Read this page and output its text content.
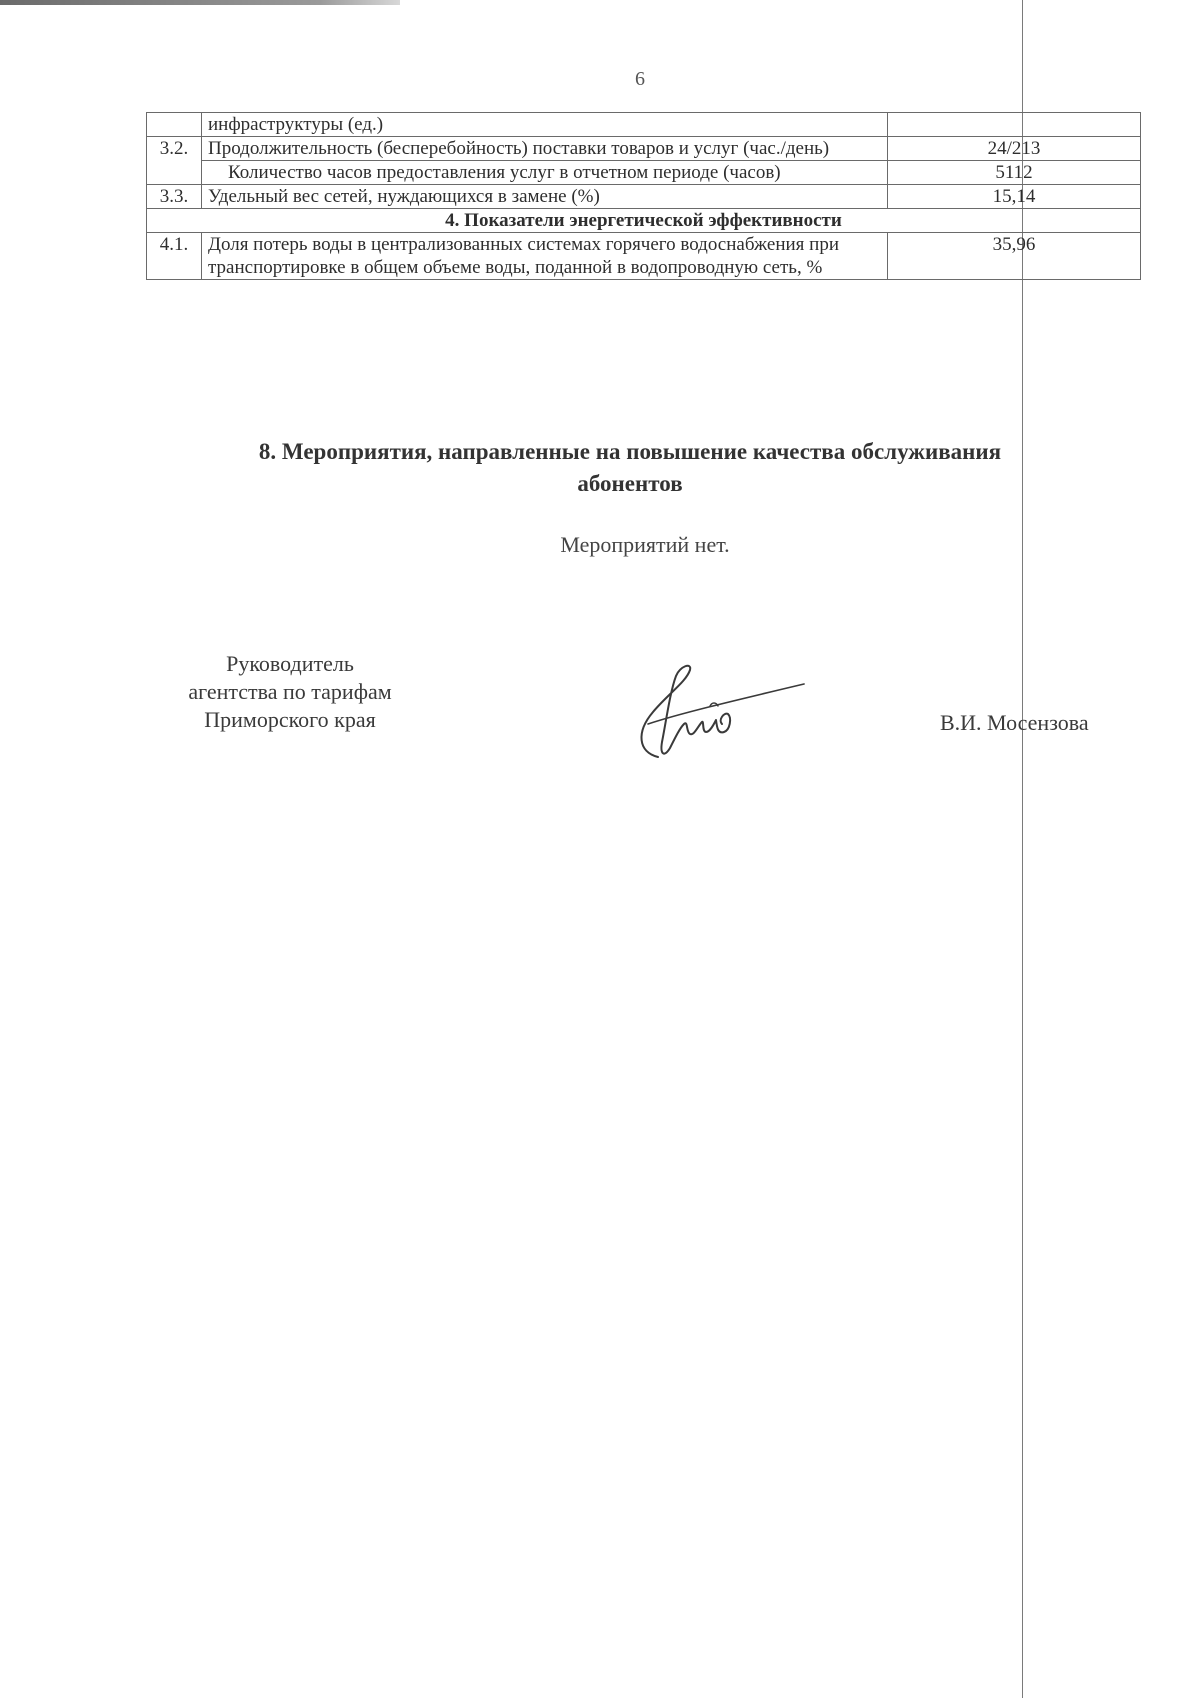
6
	инфраструктуры (ед.)	
3.2.	Продолжительность (бесперебойность) поставки товаров и услуг (час./день)	24/213
	Количество часов предоставления услуг в отчетном периоде (часов)	5112
3.3.	Удельный вес сетей, нуждающихся в замене (%)	15,14
4. Показатели энергетической эффективности		
4.1.	Доля потерь воды в централизованных системах горячего водоснабжения при транспортировке в общем объеме воды, поданной в водопроводную сеть, %	35,96
8. Мероприятия, направленные на повышение качества обслуживания абонентов
Мероприятий нет.
Руководитель
агентства по тарифам
Приморского края	В.И. Мосензова
